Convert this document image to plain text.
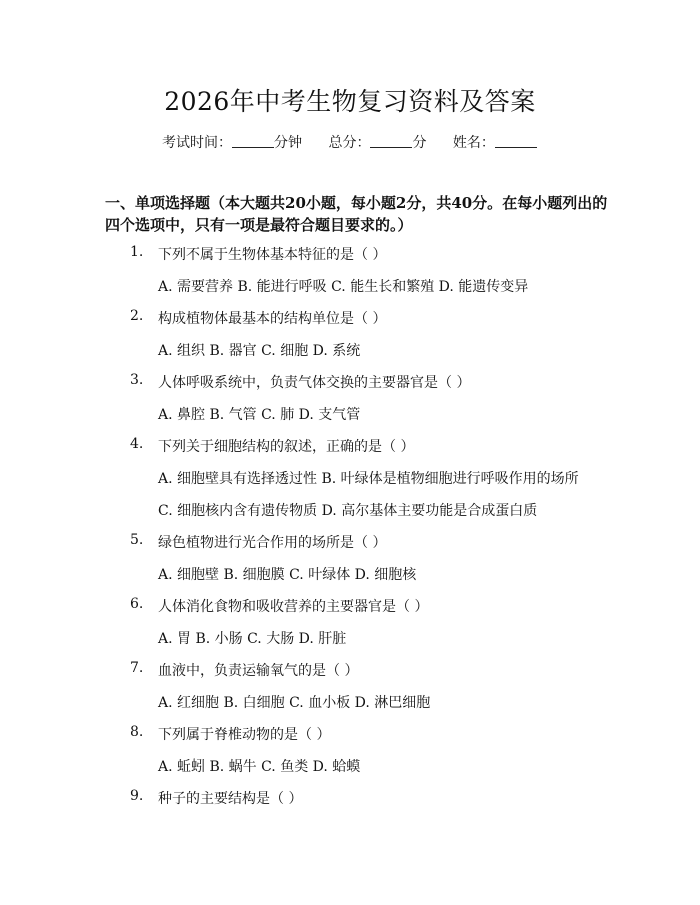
2026年中考生物复习资料及答案
考试时间：	分钟 总分：	分 姓名：
一、单项选择题（本大题共20小题，每小题2分，共40分。在每小题列出的四个选项中，只有一项是最符合题目要求的。）
1. 下列不属于生物体基本特征的是（ ）
A. 需要营养 B. 能进行呼吸 C. 能生长和繁殖 D. 能遗传变异
2. 构成植物体最基本的结构单位是（ ）
A. 组织 B. 器官 C. 细胞 D. 系统
3. 人体呼吸系统中，负责气体交换的主要器官是（ ）
A. 鼻腔 B. 气管 C. 肺 D. 支气管
4. 下列关于细胞结构的叙述，正确的是（ ）
A. 细胞壁具有选择透过性 B. 叶绿体是植物细胞进行呼吸作用的场所
C. 细胞核内含有遗传物质 D. 高尔基体主要功能是合成蛋白质
5. 绿色植物进行光合作用的场所是（ ）
A. 细胞壁 B. 细胞膜 C. 叶绿体 D. 细胞核
6. 人体消化食物和吸收营养的主要器官是（ ）
A. 胃 B. 小肠 C. 大肠 D. 肝脏
7. 血液中，负责运输氧气的是（ ）
A. 红细胞 B. 白细胞 C. 血小板 D. 淋巴细胞
8. 下列属于脊椎动物的是（ ）
A. 蚯蚓 B. 蜗牛 C. 鱼类 D. 蛤蟆
9. 种子的主要结构是（ ）
